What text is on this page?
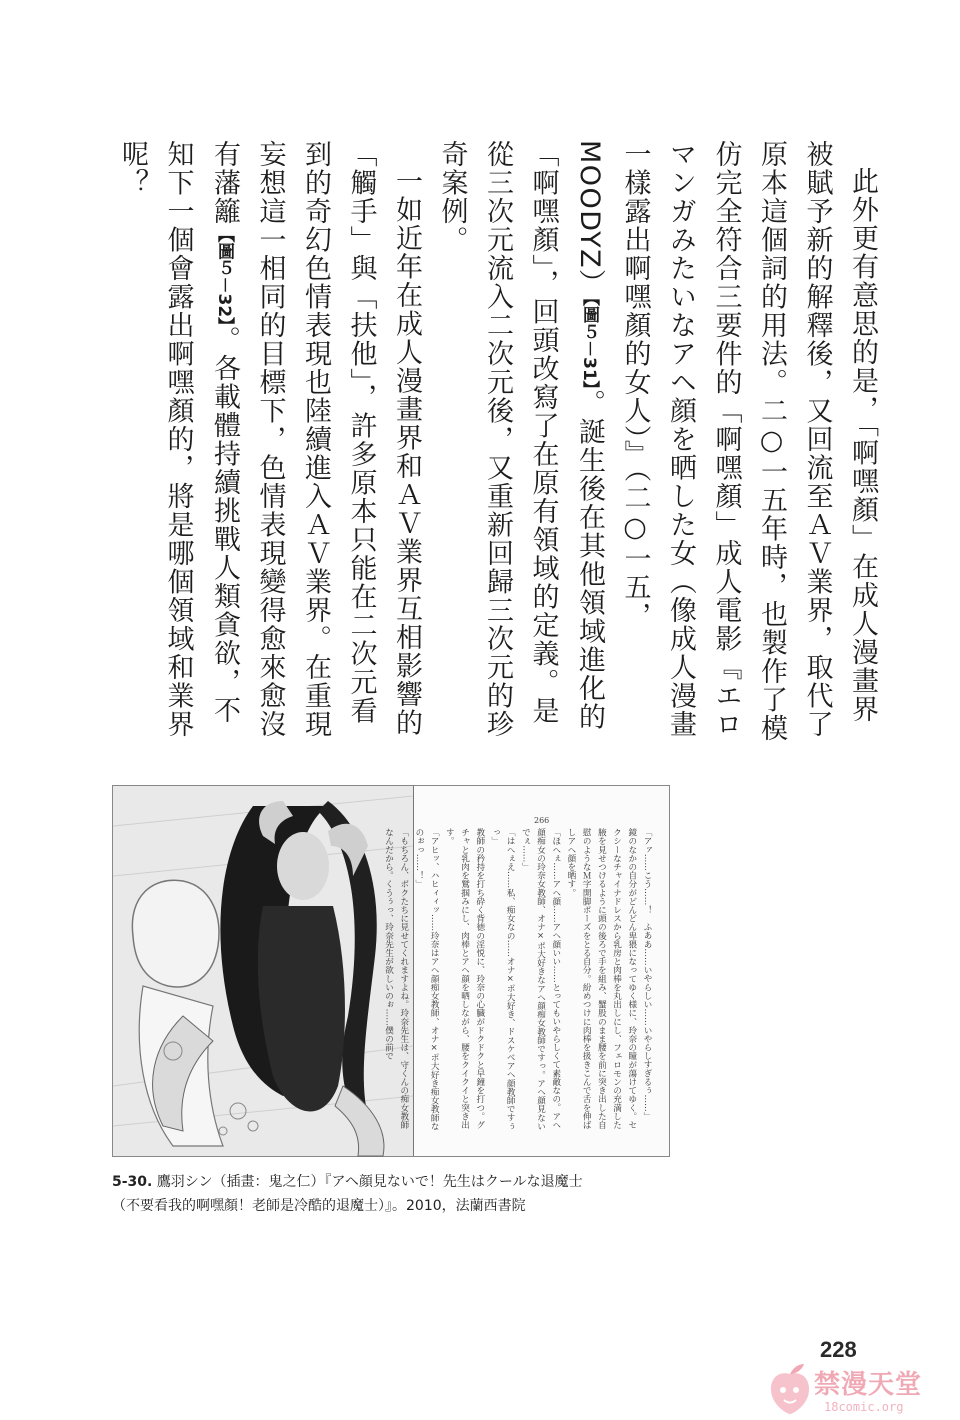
此外更有意思的是，「啊嘿顏」在成人漫畫界被賦予新的解釋後，又回流至ＡＶ業界，取代了原本這個詞的用法。二○一五年時，也製作了模仿完全符合三要件的「啊嘿顏」成人電影『エロマンガみたいなアヘ顔を晒した女（像成人漫畫一樣露出啊嘿顏的女人）』（二○一五，MOODYZ）【圖５－31】。誕生後在其他領域進化的「啊嘿顏」，回頭改寫了在原有領域的定義。是從三次元流入二次元後，又重新回歸三次元的珍奇案例。

一如近年在成人漫畫界和ＡＶ業界互相影響的「觸手」與「扶他」，許多原本只能在二次元看到的奇幻色情表現也陸續進入ＡＶ業界。在重現妄想這一相同的目標下，色情表現變得愈來愈沒有藩籬【圖５－32】。各載體持續挑戰人類貪欲，不知下一個會露出啊嘿顏的，將是哪個領域和業界呢？

266

「アァ……こう……！　ふああ……いやらしい……いやらしすぎるぅ……」

鏡のなかの自分がどんどん卑猥になってゆく様に、玲奈の瞳が蕩けてゆく。セクシーなチャイナドレスから乳房と肉棒を丸出しにし、フェロモンの充満した腋を見せつけるように頭の後ろで手を組み、蟹股のまま腰を前に突き出した自慰のようなＭ字開脚ポーズをとる自分。紛めつけに肉棒を扱きこんで舌を伸ばしアヘ顔を晒す。

「ほへぇ……アヘ顔……アヘ顔いい……とってもいやらしくて素敵なの。アヘ顔痴女の玲奈女教師、オナ×ポ大好きなアヘ顔痴女教師ですっ。アヘ顔見ないでぇ……」

「はへぇえ……私、痴女なの……オナ×ポ大好き、ドスケベアヘ顔教師ですぅっ」

教師の矜持を打ち砕く背徳の淫悦に、玲奈の心臓がドクドクと早鐘を打つ。グチャと乳肉を鷲掴みにし、肉棒とアヘ顔を晒しながら、腰をクイクイと突き出す。

「アヒッ、ハヒィィッ……玲奈はアヘ顔痴女教師、オナ×ポ大好き痴女教師なのぉっ……！」

「もちろん、ボクたちに見せてくれますよね。玲奈先生は、守くんの痴女教師なんだから。くうぅっ、玲奈先生が欲しいのぉ……僕の前で

5-30. 鷹羽シン（插畫：鬼之仁）『アヘ顔見ないで！先生はクールな退魔士
（不要看我的啊嘿顏！老師是冷酷的退魔士）』。2010，法蘭西書院
228
禁漫天堂
18comic.org
